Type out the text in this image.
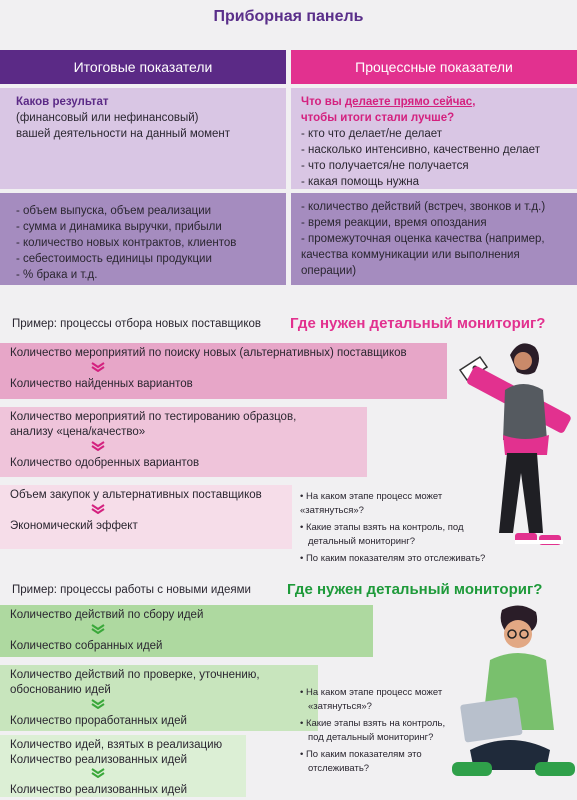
Приборная панель
Итоговые показатели	Процессные показатели
Каков результат
(финансовый или нефинансовый)
вашей деятельности на данный момент
Что вы делаете прямо сейчас,
чтобы итоги стали лучше?
- кто что делает/не делает
- насколько интенсивно, качественно делает
- что получается/не получается
- какая помощь нужна
- объем выпуска, объем реализации
- сумма и динамика выручки, прибыли
- количество новых контрактов, клиентов
- себестоимость единицы продукции
- % брака и т.д.
- количество действий (встреч, звонков и т.д.)
- время реакции, время опоздания
- промежуточная оценка качества (например,
качества коммуникации или выполнения
операции)
Пример: процессы отбора новых поставщиков Где нужен детальный мониториг?
Количество мероприятий по поиску новых (альтернативных) поставщиков
Количество найденных вариантов
Количество мероприятий по тестированию образцов,
анализу «цена/качество»
Количество одобренных вариантов
Объем закупок у альтернативных поставщиков
Экономический эффект
• На каком этапе процесс может «затянуться»?
• Какие этапы взять на контроль, под
детальный мониторинг?
• По каким показателям это отслеживать?
Пример: процессы работы с новыми идеями Где нужен детальный мониториг?
Количество действий по сбору идей
Количество собранных идей
Количество действий по проверке, уточнению,
обоснованию идей
Количество проработанных идей
Количество идей, взятых в реализацию
Количество реализованных идей
Количество реализованных идей
• На каком этапе процесс может
«затянуться»?
• Какие этапы взять на контроль,
под детальный мониторинг?
• По каким показателям это
отслеживать?
